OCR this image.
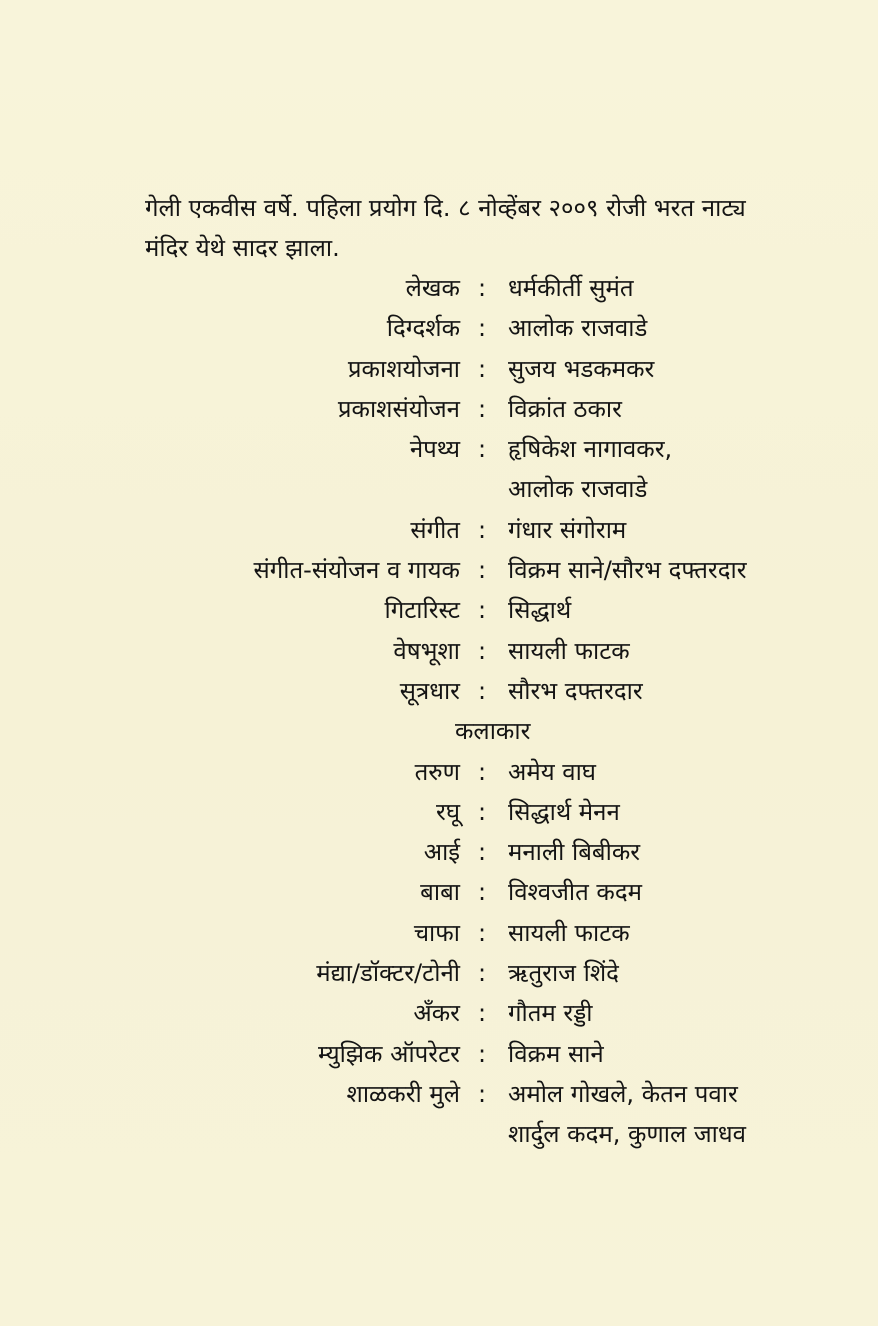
गेली एकवीस वर्षे. पहिला प्रयोग दि. ८ नोव्हेंबर २००९ रोजी भरत नाट्य
मंदिर येथे सादर झाला.
लेखक : धर्मकीर्ती सुमंत
दिग्दर्शक : आलोक राजवाडे
प्रकाशयोजना : सुजय भडकमकर
प्रकाशसंयोजन : विक्रांत ठकार
नेपथ्य : हृषिकेश नागावकर,
आलोक राजवाडे
संगीत : गंधार संगोराम
संगीत-संयोजन व गायक : विक्रम साने/सौरभ दफ्तरदार
गिटारिस्ट : सिद्धार्थ
वेषभूशा : सायली फाटक
सूत्रधार : सौरभ दफ्तरदार
कलाकार
तरुण : अमेय वाघ
रघू : सिद्धार्थ मेनन
आई : मनाली बिबीकर
बाबा : विश्वजीत कदम
चाफा : सायली फाटक
मंद्या/डॉक्टर/टोनी : ऋतुराज शिंदे
अँकर : गौतम रड्डी
म्युझिक ऑपरेटर : विक्रम साने
शाळकरी मुले : अमोल गोखले, केतन पवार
शार्दुल कदम, कुणाल जाधव
